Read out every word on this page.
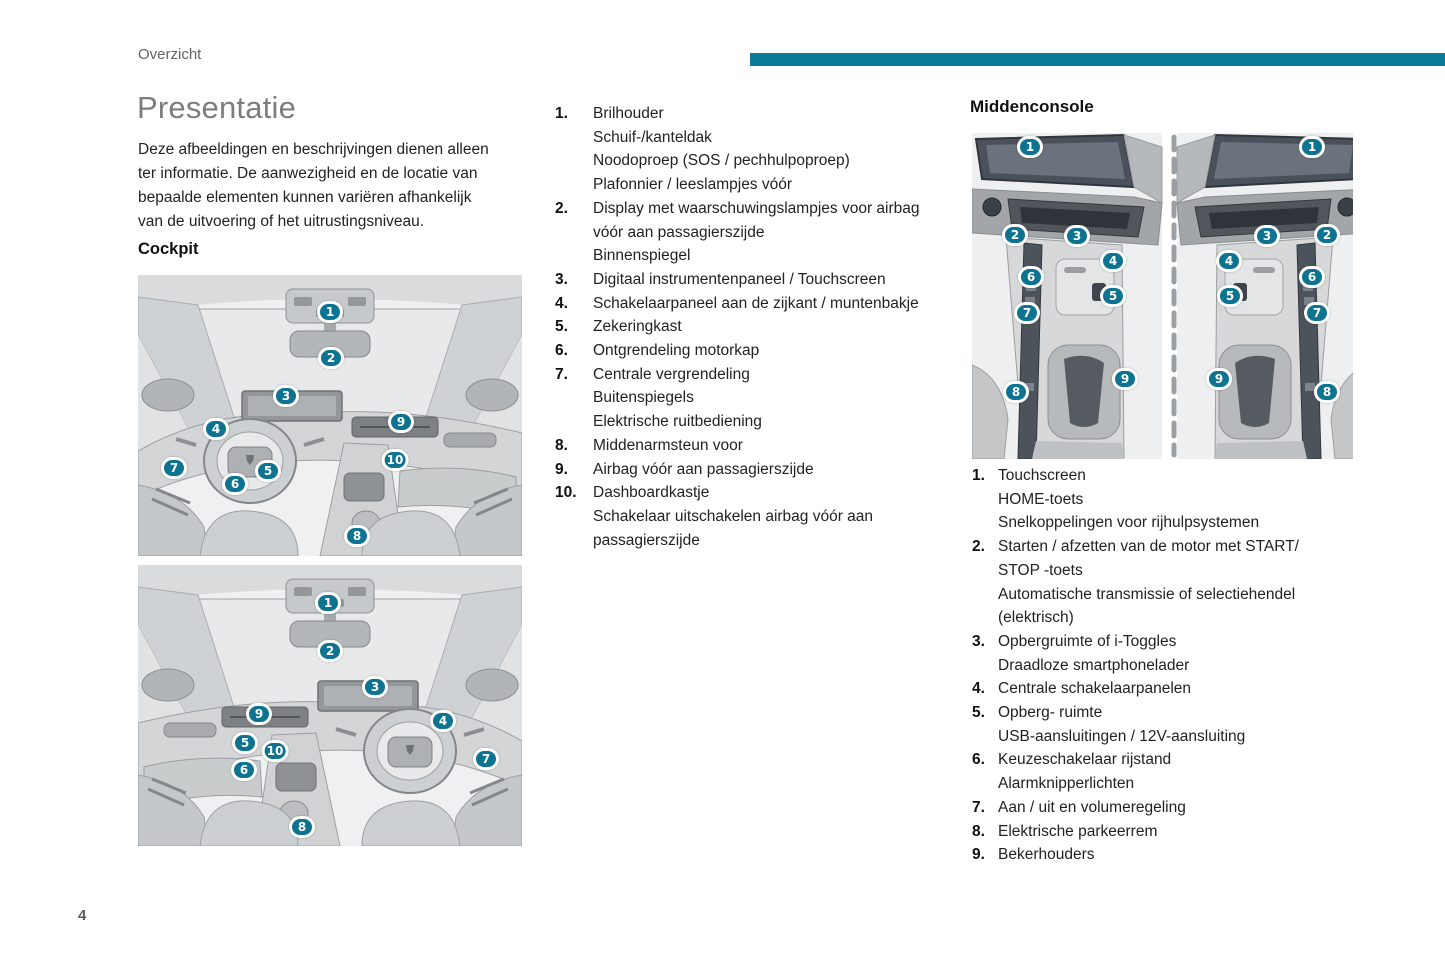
Overzicht
Presentatie
Deze afbeeldingen en beschrijvingen dienen alleen
ter informatie. De aanwezigheid en de locatie van
bepaalde elementen kunnen variëren afhankelijk
van de uitvoering of het uitrustingsniveau.
Cockpit
1
2
3
4	9
7	5
6
10
8
1
2
3
9	4
5
10
6
7
8
1.	Brilhouder
Schuif-/kanteldak
Noodoproep (SOS / pechhulpoproep)
Plafonnier / leeslampjes vóór
2.	Display met waarschuwingslampjes voor airbag
vóór aan passagierszijde
Binnenspiegel
3.	Digitaal instrumentenpaneel / Touchscreen
4.	Schakelaarpaneel aan de zijkant / muntenbakje
5.	Zekeringkast
6.	Ontgrendeling motorkap
7.	Centrale vergrendeling
Buitenspiegels
Elektrische ruitbediening
8.	Middenarmsteun voor
9.	Airbag vóór aan passagierszijde
10.	Dashboardkastje
Schakelaar uitschakelen airbag vóór aan
passagierszijde
Middenconsole
1
2	3
4
6
5
7
9
8
1
2
3
4
6
5
7
9
8
1. Touchscreen
HOME-toets
Snelkoppelingen voor rijhulpsystemen
2. Starten / afzetten van de motor met START/
STOP -toets
Automatische transmissie of selectiehendel
(elektrisch)
3. Opbergruimte of i-Toggles
Draadloze smartphonelader
4. Centrale schakelaarpanelen
5. Opberg- ruimte
USB-aansluitingen / 12V-aansluiting
6. Keuzeschakelaar rijstand
Alarmknipperlichten
7. Aan / uit en volumeregeling
8. Elektrische parkeerrem
9. Bekerhouders
4
